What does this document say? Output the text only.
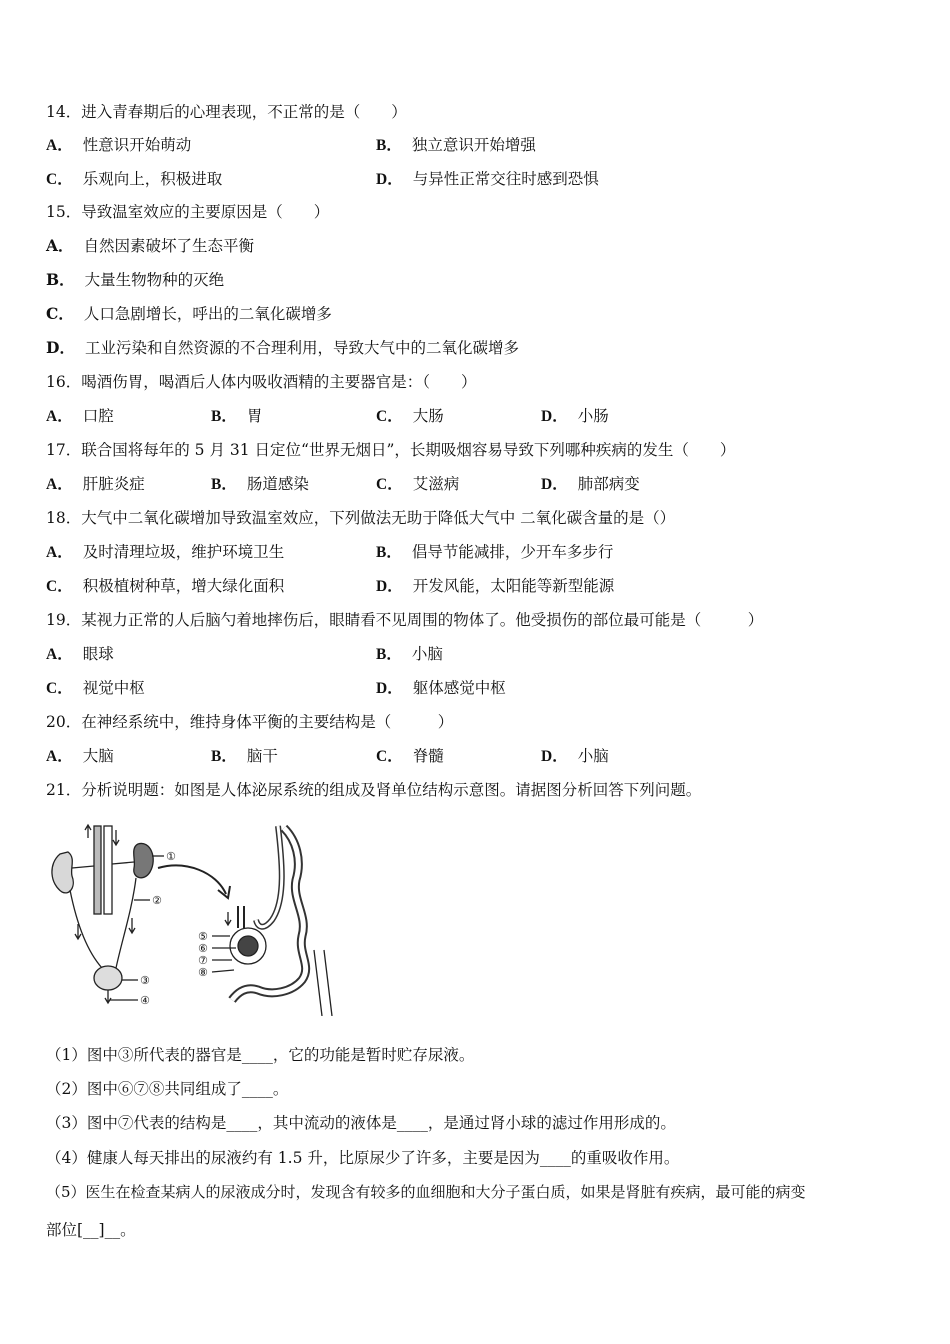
14．进入青春期后的心理表现，不正常的是（　　）
A． 性意识开始萌动	B． 独立意识开始增强
C． 乐观向上，积极进取	D． 与异性正常交往时感到恐惧
15．导致温室效应的主要原因是（　　）
A． 自然因素破坏了生态平衡
B． 大量生物物种的灭绝
C． 人口急剧增长，呼出的二氧化碳增多
D． 工业污染和自然资源的不合理利用，导致大气中的二氧化碳增多
16．喝酒伤胃，喝酒后人体内吸收酒精的主要器官是：（　　）
A． 口腔	B． 胃	C． 大肠	D． 小肠
17．联合国将每年的 5 月 31 日定位“世界无烟日”，长期吸烟容易导致下列哪种疾病的发生（　　）
A． 肝脏炎症	B． 肠道感染	C． 艾滋病	D． 肺部病变
18．大气中二氧化碳增加导致温室效应，下列做法无助于降低大气中 二氧化碳含量的是（）
A． 及时清理垃圾，维护环境卫生	B． 倡导节能减排，少开车多步行
C． 积极植树种草，增大绿化面积	D． 开发风能，太阳能等新型能源
19．某视力正常的人后脑勺着地摔伤后，眼睛看不见周围的物体了。他受损伤的部位最可能是（　　　）
A． 眼球	B． 小脑
C． 视觉中枢	D． 躯体感觉中枢
20．在神经系统中，维持身体平衡的主要结构是（　　　）
A． 大脑	B． 脑干	C． 脊髓	D． 小脑
21．分析说明题：如图是人体泌尿系统的组成及肾单位结构示意图。请据图分析回答下列问题。
①
②
③
④
⑤
⑥
⑦
⑧
（1）图中③所代表的器官是____，它的功能是暂时贮存尿液。
（2）图中⑥⑦⑧共同组成了____。
（3）图中⑦代表的结构是____，其中流动的液体是____，是通过肾小球的滤过作用形成的。
（4）健康人每天排出的尿液约有 1.5 升，比原尿少了许多，主要是因为____的重吸收作用。
（5）医生在检查某病人的尿液成分时，发现含有较多的血细胞和大分子蛋白质，如果是肾脏有疾病，最可能的病变
部位[__]__。
